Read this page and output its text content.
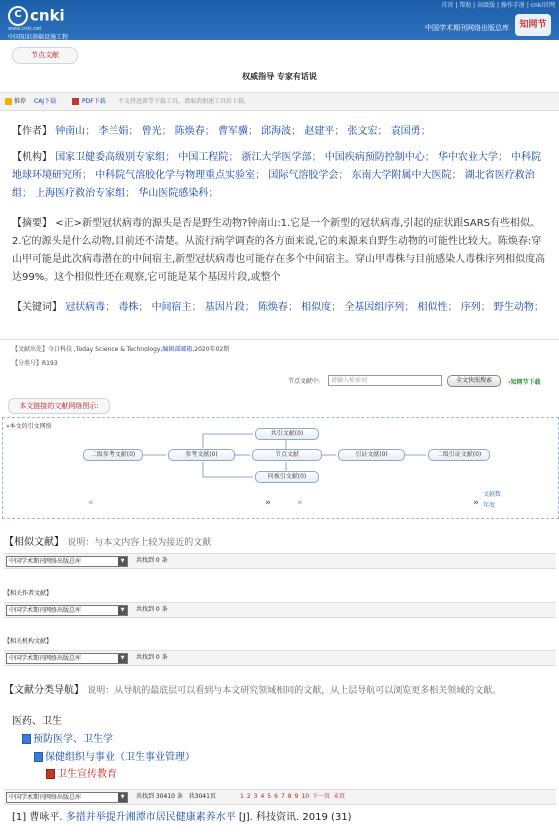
C cnki
www.cnki.net
中国知识基础设施工程
首页 | 帮助 | 高级版 | 操作手册 | cnki官网
中国学术期刊网络出版总库	知网节
节点文献
权威指导 专家有话说
推荐 CAJ下载	PDF下载 不支持迅雷等下载工具，请取消加速工具后下载。
【作者】 钟南山； 李兰娟； 曾光； 陈焕春； 曹军骥； 邱海波； 赵建平； 张文宏； 袁国勇；
【机构】 国家卫健委高级别专家组； 中国工程院； 浙江大学医学部； 中国疾病预防控制中心； 华中农业大学； 中科院地球环境研究所； 中科院气溶胶化学与物理重点实验室； 国际气溶胶学会； 东南大学附属中大医院； 湖北省医疗救治组； 上海医疗救治专家组； 华山医院感染科；
【摘要】 <正>新型冠状病毒的源头是否是野生动物?钟南山:1.它是一个新型的冠状病毒,引起的症状跟SARS有些相似。2.它的源头是什么动物,目前还不清楚。从流行病学调查的各方面来说,它的来源来自野生动物的可能性比较大。陈焕春:穿山甲可能是此次病毒潜在的中间宿主,新型冠状病毒也可能存在多个中间宿主。穿山甲毒株与目前感染人毒株序列相似度高达99%。这个相似性还在观察,它可能是某个基因片段,或整个
【关键词】 冠状病毒； 毒株； 中间宿主； 基因片段； 陈焕春； 相似度； 全基因组序列； 相似性； 序列； 野生动物；
【文献出处】今日科技 ,Today Science & Technology,编辑部邮箱,2020年02期
【分类号】R193
节点文献中:	请输入检索词	全文快照搜索	›知网节下载
本文链接的文献网络图示:
»本文的引文网络
二级参考文献(0)	参考文献(0)	节点文献	引证文献(0)	二级引证文献(0)
共引文献(0)
同被引文献(0)
«	»	«	»
文献数
年度
【相似文献】 说明：与本文内容上较为接近的文献
中国学术期刊网络出版总库	▼	共找到 0 条
【相关作者文献】
中国学术期刊网络出版总库	▼	共找到 0 条
【相关机构文献】
中国学术期刊网络出版总库	▼	共找到 0 条
【文献分类导航】 说明：从导航的最底层可以看到与本文研究领域相同的文献，从上层导航可以浏览更多相关领域的文献。
医药、卫生
预防医学、卫生学
保健组织与事业（卫生事业管理）
卫生宣传教育
中国学术期刊网络出版总库	▼	共找到 30410 条 共3041页	1 2 3 4 5 6 7 8 9 10 下一页 末页
[1] 曹咏平. 多措并举提升湘潭市居民健康素养水平 [J]. 科技资讯. 2019 (31)
